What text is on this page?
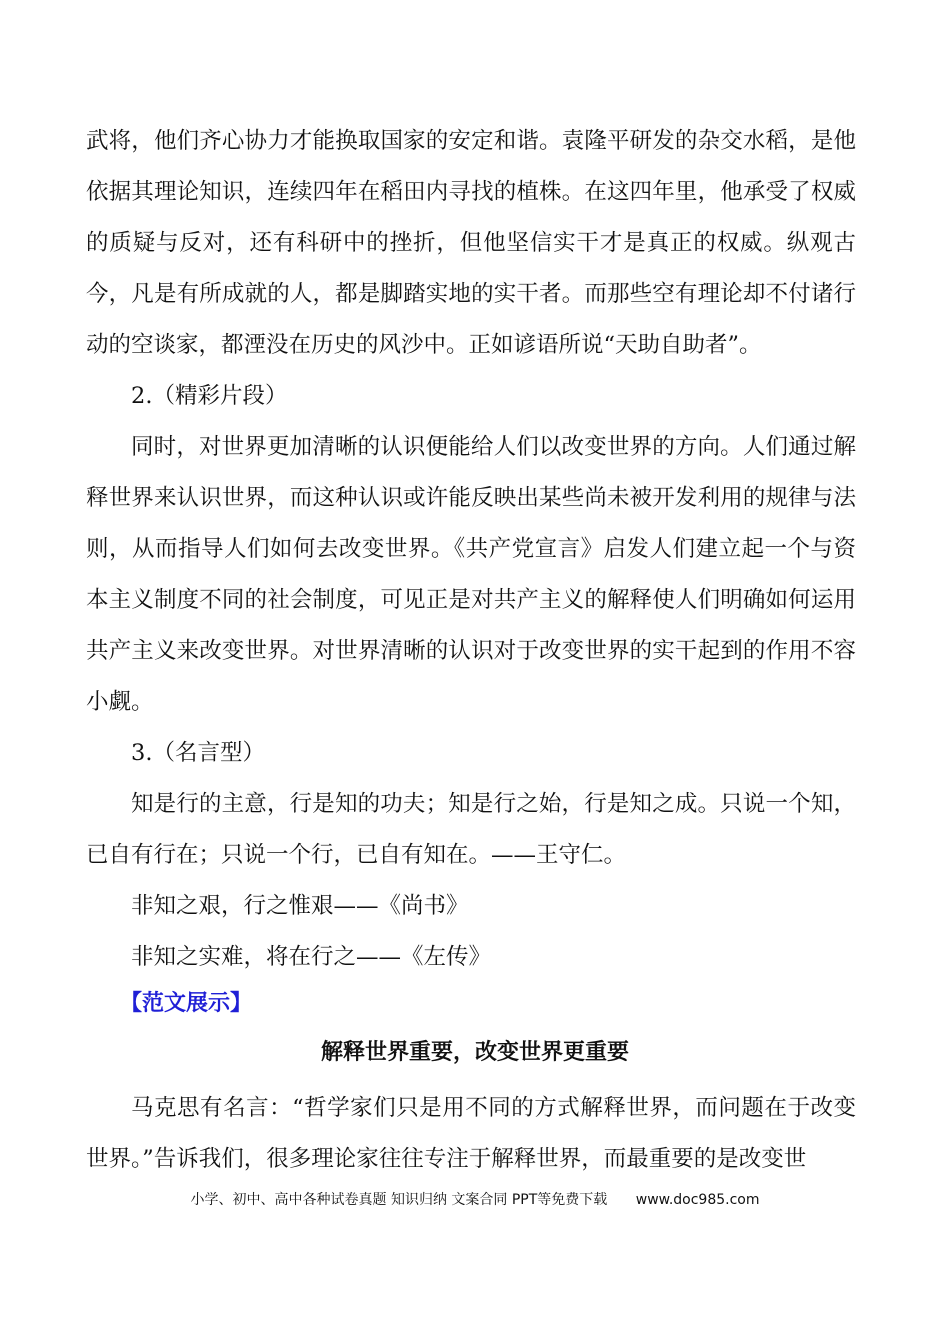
武将，他们齐心协力才能换取国家的安定和谐。袁隆平研发的杂交水稻，是他依据其理论知识，连续四年在稻田内寻找的植株。在这四年里，他承受了权威的质疑与反对，还有科研中的挫折，但他坚信实干才是真正的权威。纵观古今，凡是有所成就的人，都是脚踏实地的实干者。而那些空有理论却不付诸行动的空谈家，都湮没在历史的风沙中。正如谚语所说“天助自助者”。

2.（精彩片段）

同时，对世界更加清晰的认识便能给人们以改变世界的方向。人们通过解释世界来认识世界，而这种认识或许能反映出某些尚未被开发利用的规律与法则，从而指导人们如何去改变世界。《共产党宣言》启发人们建立起一个与资本主义制度不同的社会制度，可见正是对共产主义的解释使人们明确如何运用共产主义来改变世界。对世界清晰的认识对于改变世界的实干起到的作用不容小觑。

3.（名言型）

知是行的主意，行是知的功夫；知是行之始，行是知之成。只说一个知，已自有行在；只说一个行，已自有知在。——王守仁。

非知之艰，行之惟艰——《尚书》

非知之实难，将在行之——《左传》

【范文展示】
解释世界重要，改变世界更重要

马克思有名言：“哲学家们只是用不同的方式解释世界，而问题在于改变世界。”告诉我们，很多理论家往往专注于解释世界，而最重要的是改变世

小学、初中、高中各种试卷真题 知识归纳 文案合同 PPT等免费下载 www.doc985.com
